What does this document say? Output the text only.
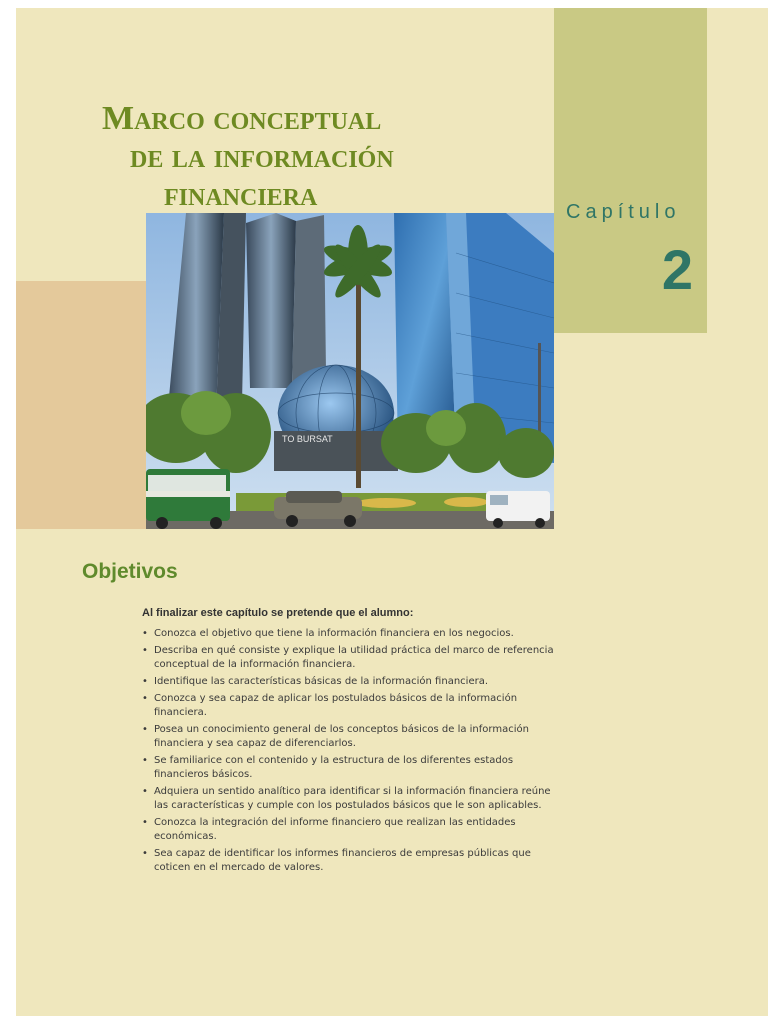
Capítulo
2
Marco conceptual
de la información
financiera
TO BURSAT
Objetivos

Al finalizar este capítulo se pretende que el alumno:

• Conozca el objetivo que tiene la información financiera en los negocios.
• Describa en qué consiste y explique la utilidad práctica del marco de referencia conceptual de la información financiera.
• Identifique las características básicas de la información financiera.
• Conozca y sea capaz de aplicar los postulados básicos de la información financiera.
• Posea un conocimiento general de los conceptos básicos de la información financiera y sea capaz de diferenciarlos.
• Se familiarice con el contenido y la estructura de los diferentes estados financieros básicos.
• Adquiera un sentido analítico para identificar si la información financiera reúne las características y cumple con los postulados básicos que le son aplicables.
• Conozca la integración del informe financiero que realizan las entidades económicas.
• Sea capaz de identificar los informes financieros de empresas públicas que coticen en el mercado de valores.
